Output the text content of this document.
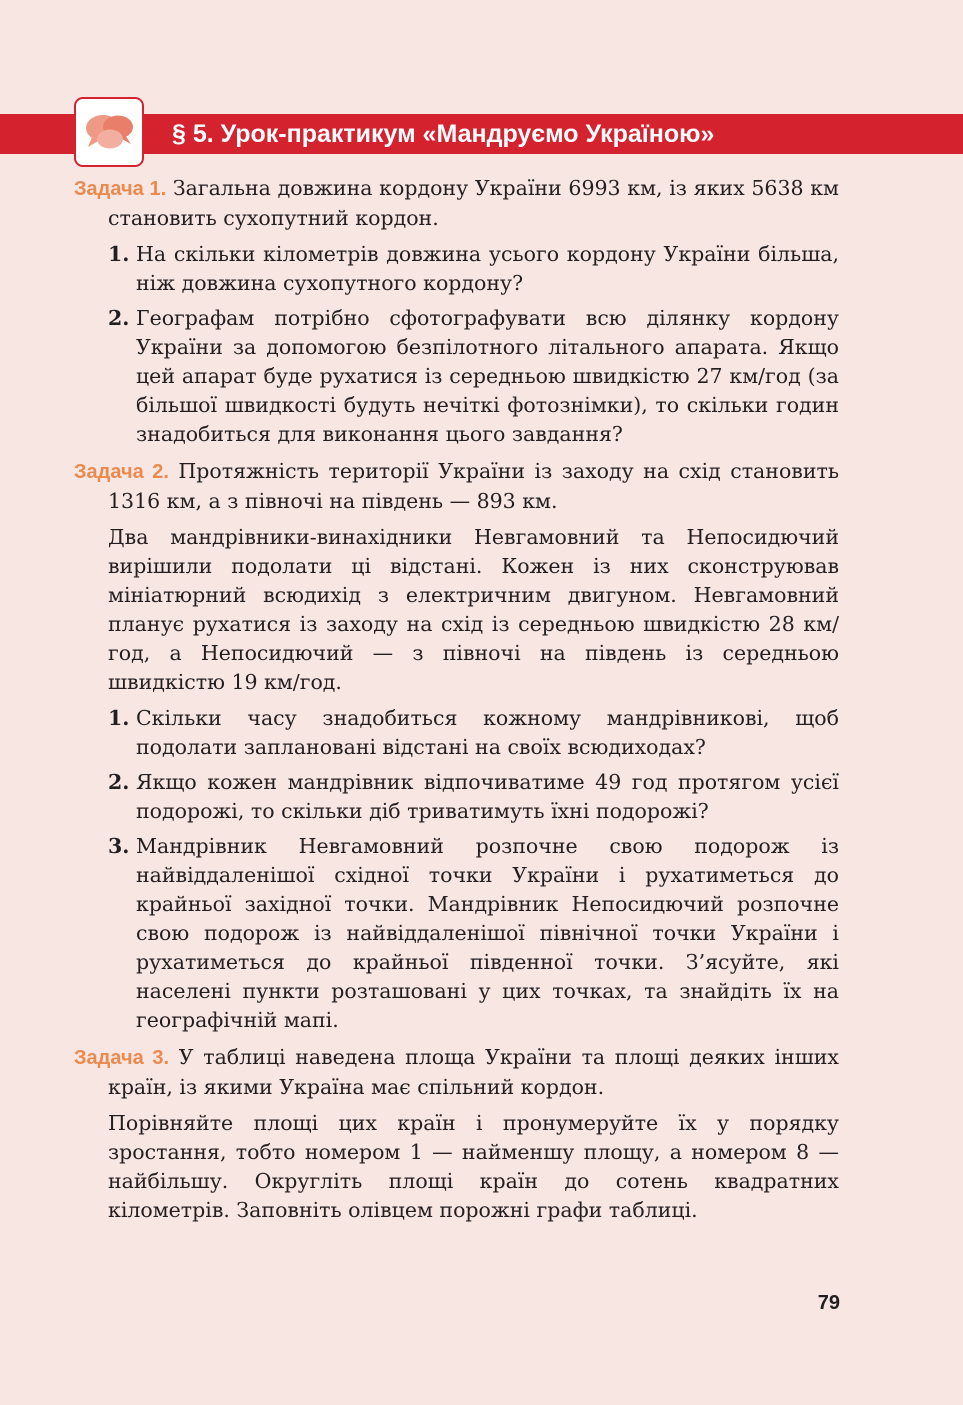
§ 5. Урок-практикум «Мандруємо Україною»

Задача 1. Загальна довжина кордону України 6993 км, із яких 5638 км становить сухопутний кордон.

1. На скільки кілометрів довжина усього кордону України більша, ніж довжина сухопутного кордону?
2. Географам потрібно сфотографувати всю ділянку кордону України за допомогою безпілотного літального апарата. Якщо цей апарат буде рухатися із середньою швидкістю 27 км/год (за більшої швидкості будуть нечіткі фотознімки), то скільки годин знадобиться для виконання цього завдання?

Задача 2. Протяжність території України із заходу на схід становить 1316 км, а з півночі на південь — 893 км.

Два мандрівники-винахідники Невгамовний та Непосидючий вирішили подолати ці відстані. Кожен із них сконструював мініатюрний всюдихід з електричним двигуном. Невгамовний планує рухатися із заходу на схід із середньою швидкістю 28 км/год, а Непосидючий — з півночі на південь із середньою швидкістю 19 км/год.

1. Скільки часу знадобиться кожному мандрівникові, щоб подолати заплановані відстані на своїх всюдиходах?
2. Якщо кожен мандрівник відпочиватиме 49 год протягом усієї подорожі, то скільки діб триватимуть їхні подорожі?
3. Мандрівник Невгамовний розпочне свою подорож із найвіддаленішої східної точки України і рухатиметься до крайньої західної точки. Мандрівник Непосидючий розпочне свою подорож із найвіддаленішої північної точки України і рухатиметься до крайньої південної точки. З’ясуйте, які населені пункти розташовані у цих точках, та знайдіть їх на географічній мапі.

Задача 3. У таблиці наведена площа України та площі деяких інших країн, із якими Україна має спільний кордон.

Порівняйте площі цих країн і пронумеруйте їх у порядку зростання, тобто номером 1 — найменшу площу, а номером 8 — найбільшу. Округліть площі країн до сотень квадратних кілометрів. Заповніть олівцем порожні графи таблиці.

79
